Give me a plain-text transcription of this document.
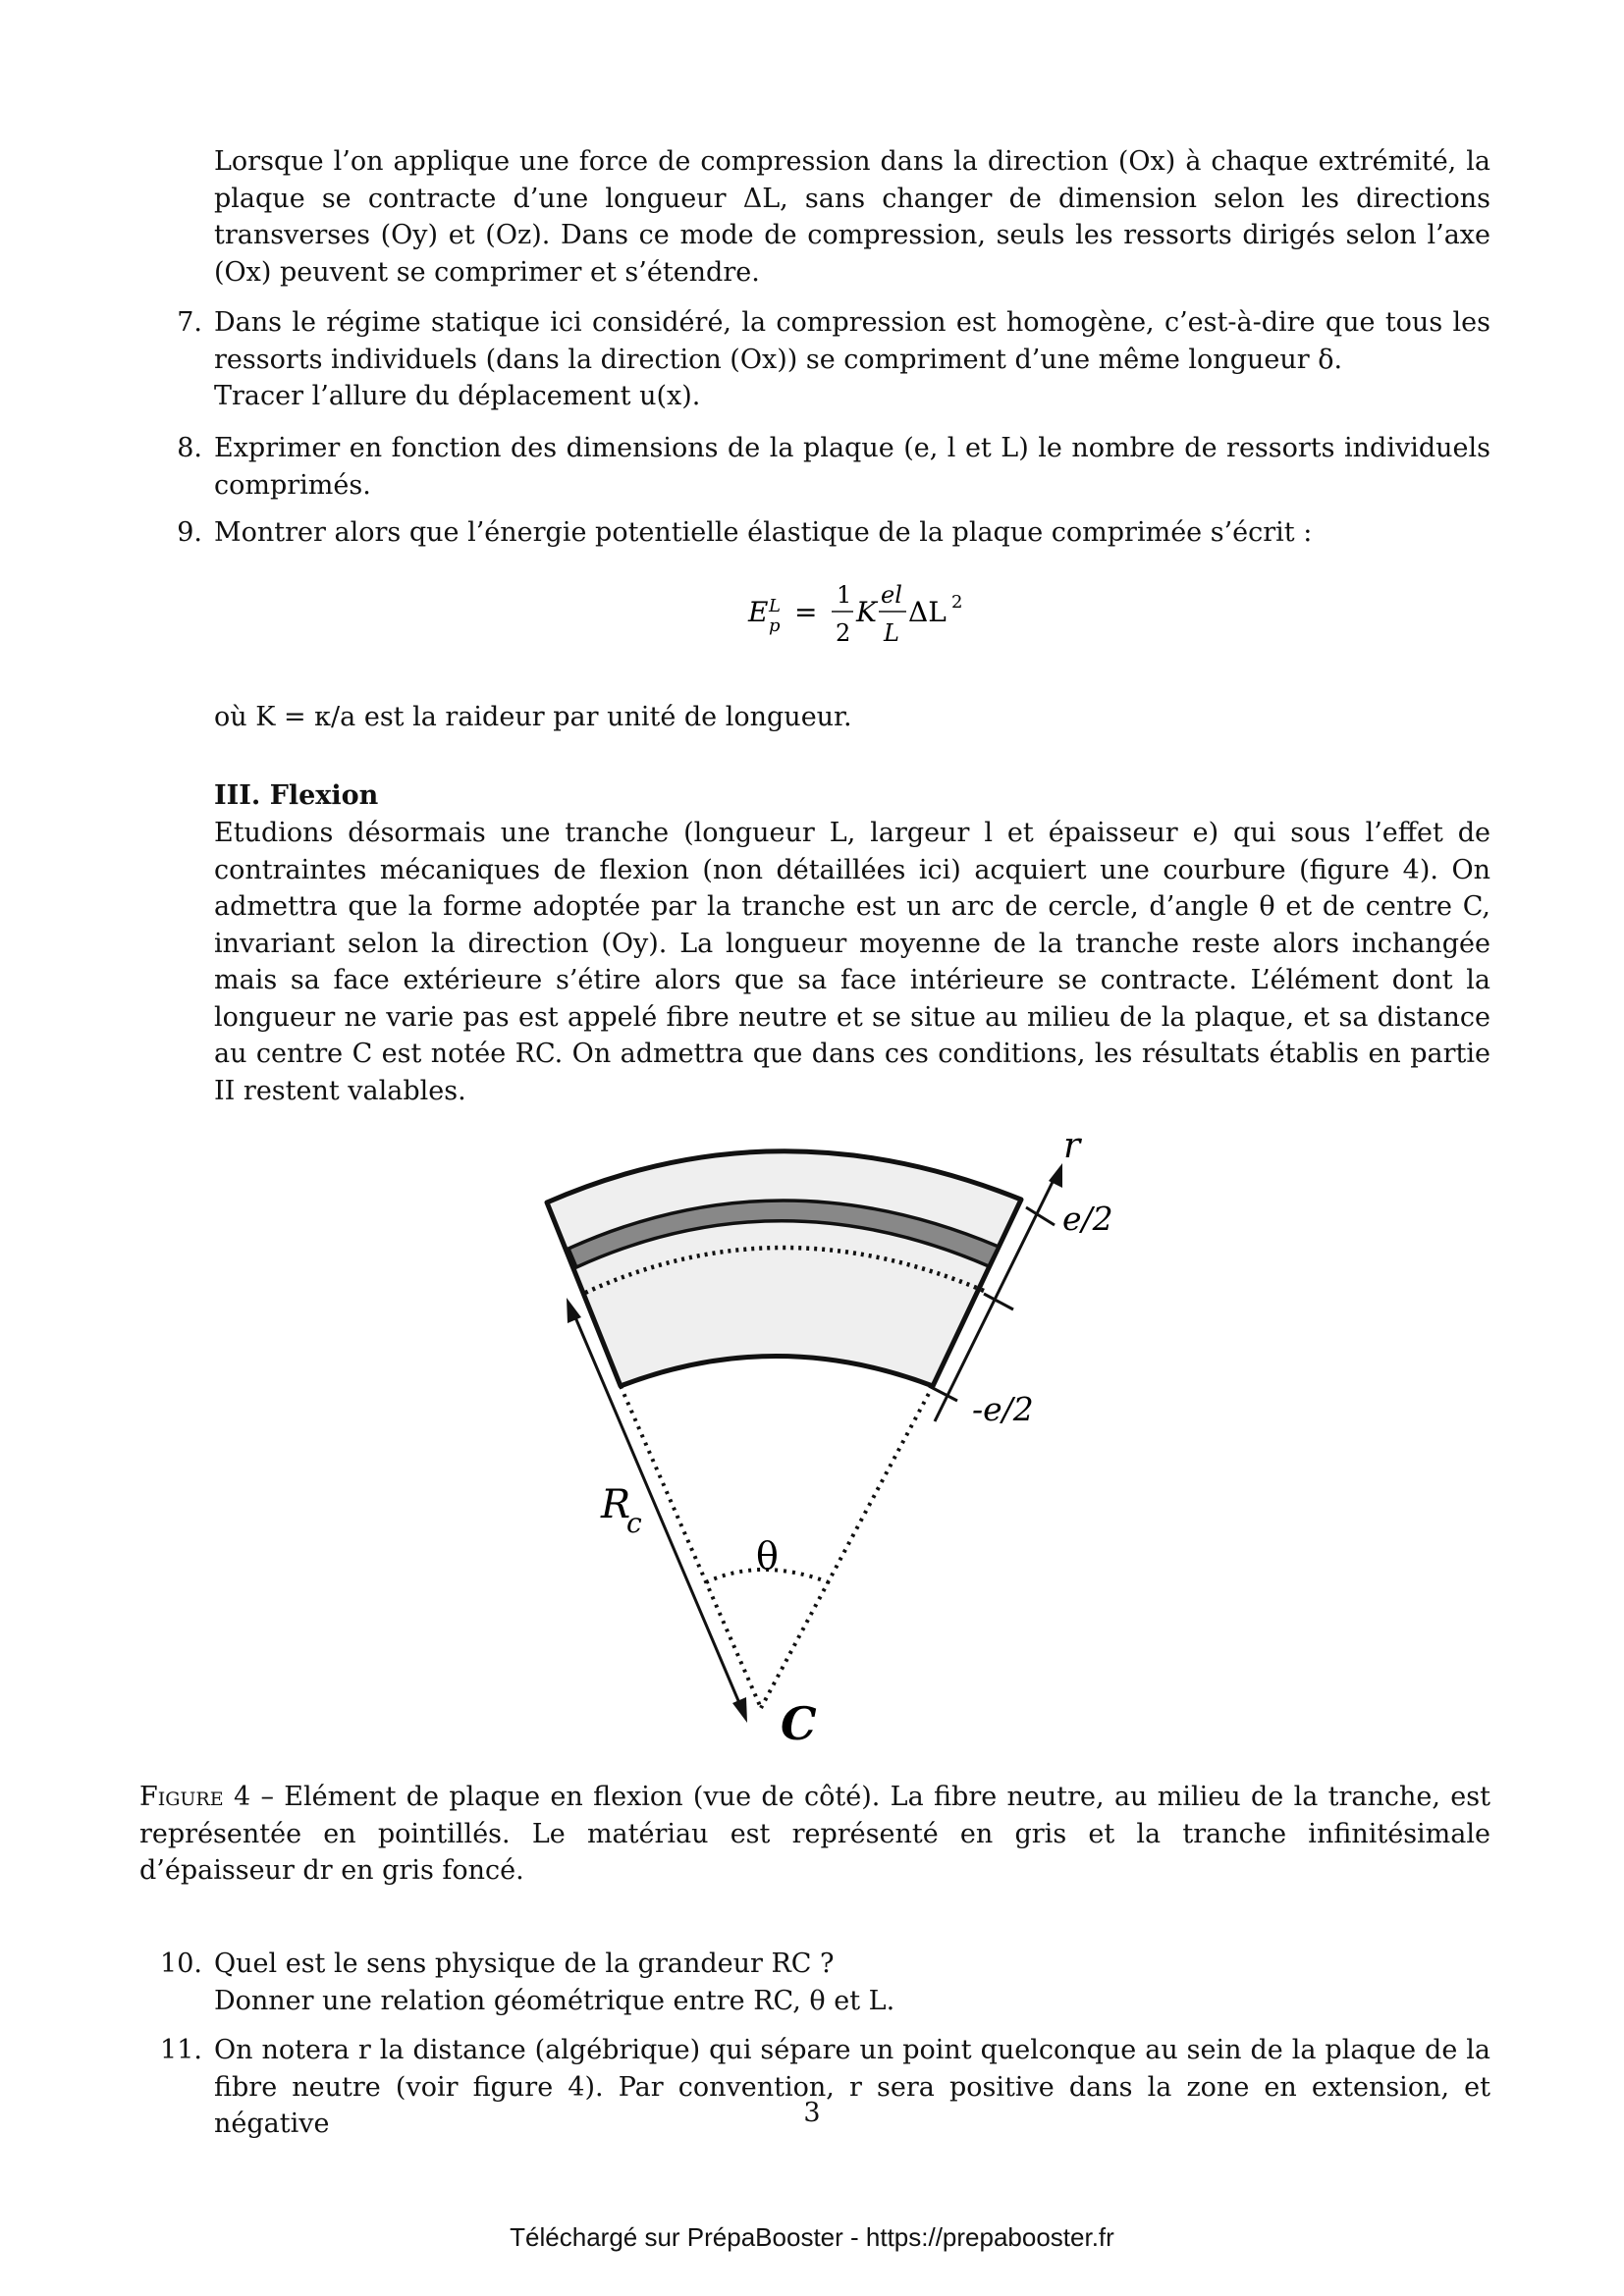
Lorsque l’on applique une force de compression dans la direction (Ox) à chaque extrémité, la plaque se contracte d’une longueur ΔL, sans changer de dimension selon les directions transverses (Oy) et (Oz). Dans ce mode de compression, seuls les ressorts dirigés selon l’axe (Ox) peuvent se comprimer et s’étendre.
7. Dans le régime statique ici considéré, la compression est homogène, c’est-à-dire que tous les ressorts individuels (dans la direction (Ox)) se compriment d’une même longueur δ.

Tracer l’allure du déplacement u(x).

8. Exprimer en fonction des dimensions de la plaque (e, l et L) le nombre de ressorts individuels comprimés.
9. Montrer alors que l’énergie potentielle élastique de la plaque comprimée s’écrit :
E L
p =
1
2
K
el
L
ΔL 2
où K = κ/a est la raideur par unité de longueur.
III. Flexion
Etudions désormais une tranche (longueur L, largeur l et épaisseur e) qui sous l’effet de contraintes mécaniques de flexion (non détaillées ici) acquiert une courbure (figure 4). On admettra que la forme adoptée par la tranche est un arc de cercle, d’angle θ et de centre C, invariant selon la direction (Oy). La longueur moyenne de la tranche reste alors inchangée mais sa face extérieure s’étire alors que sa face intérieure se contracte. L’élément dont la longueur ne varie pas est appelé fibre neutre et se situe au milieu de la plaque, et sa distance au centre C est notée RC. On admettra que dans ces conditions, les résultats établis en partie II restent valables.
r
e/2
-e/2
R
c
θ
C
Figure 4 – Elément de plaque en flexion (vue de côté). La fibre neutre, au milieu de la tranche, est représentée en pointillés. Le matériau est représenté en gris et la tranche infinitésimale d’épaisseur dr en gris foncé.
10. Quel est le sens physique de la grandeur RC ?

Donner une relation géométrique entre RC, θ et L.

11. On notera r la distance (algébrique) qui sépare un point quelconque au sein de la plaque de la fibre neutre (voir figure 4). Par convention, r sera positive dans la zone en extension, et négative	3
Téléchargé sur PrépaBooster - https://prepabooster.fr
